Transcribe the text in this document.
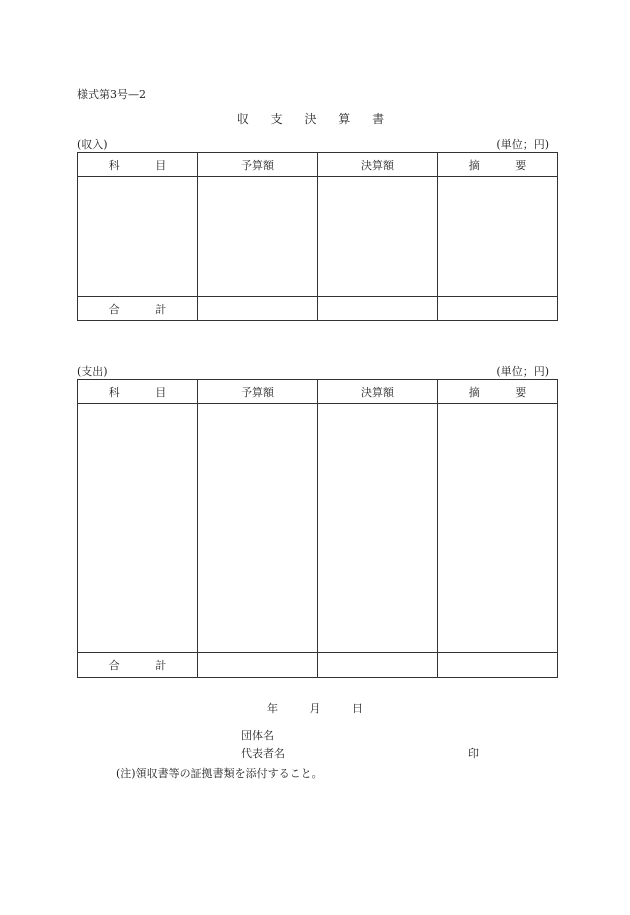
様式第3号—2
収 支 決 算 書
(収入)	(単位；円)
科 目	予算額	決算額	摘 要

合 計			
(支出)	(単位；円)
科 目	予算額	決算額	摘 要

合 計			
年	月	日
団体名
代表者名	印
(注)領収書等の証拠書類を添付すること。
